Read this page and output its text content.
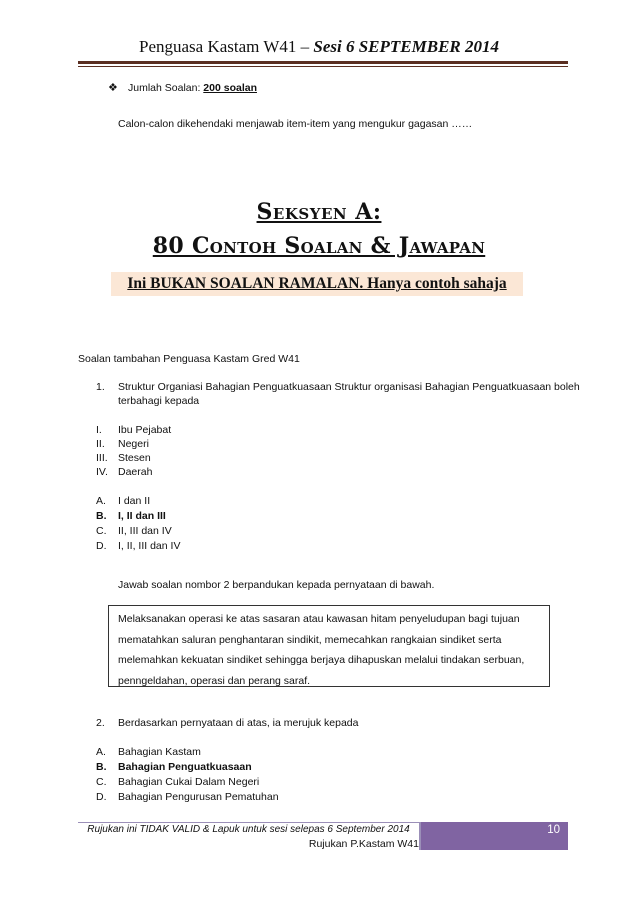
Penguasa Kastam W41 – Sesi 6 SEPTEMBER 2014
❖ Jumlah Soalan: 200 soalan
Calon-calon dikehendaki menjawab item-item yang mengukur gagasan ……
Seksyen A:
80 Contoh Soalan & Jawapan
Ini BUKAN SOALAN RAMALAN. Hanya contoh sahaja
Soalan tambahan Penguasa Kastam Gred W41
1. Struktur Organiasi Bahagian Penguatkuasaan Struktur organisasi Bahagian Penguatkuasaan boleh terbahagi kepada
I. Ibu Pejabat
II. Negeri
III. Stesen
IV. Daerah
A. I dan II
B. I, II dan III
C. II, III dan IV
D. I, II, III dan IV
Jawab soalan nombor 2 berpandukan kepada pernyataan di bawah.
Melaksanakan operasi ke atas sasaran atau kawasan hitam penyeludupan bagi tujuan mematahkan saluran penghantaran sindikit, memecahkan rangkaian sindiket serta melemahkan kekuatan sindiket sehingga berjaya dihapuskan melalui tindakan serbuan, penngeldahan, operasi dan perang saraf.
2. Berdasarkan pernyataan di atas, ia merujuk kepada
A. Bahagian Kastam
B. Bahagian Penguatkuasaan
C. Bahagian Cukai Dalam Negeri
D. Bahagian Pengurusan Pematuhan
Rujukan ini TIDAK VALID & Lapuk untuk sesi selepas 6 September 2014
Rujukan P.Kastam W41
10
